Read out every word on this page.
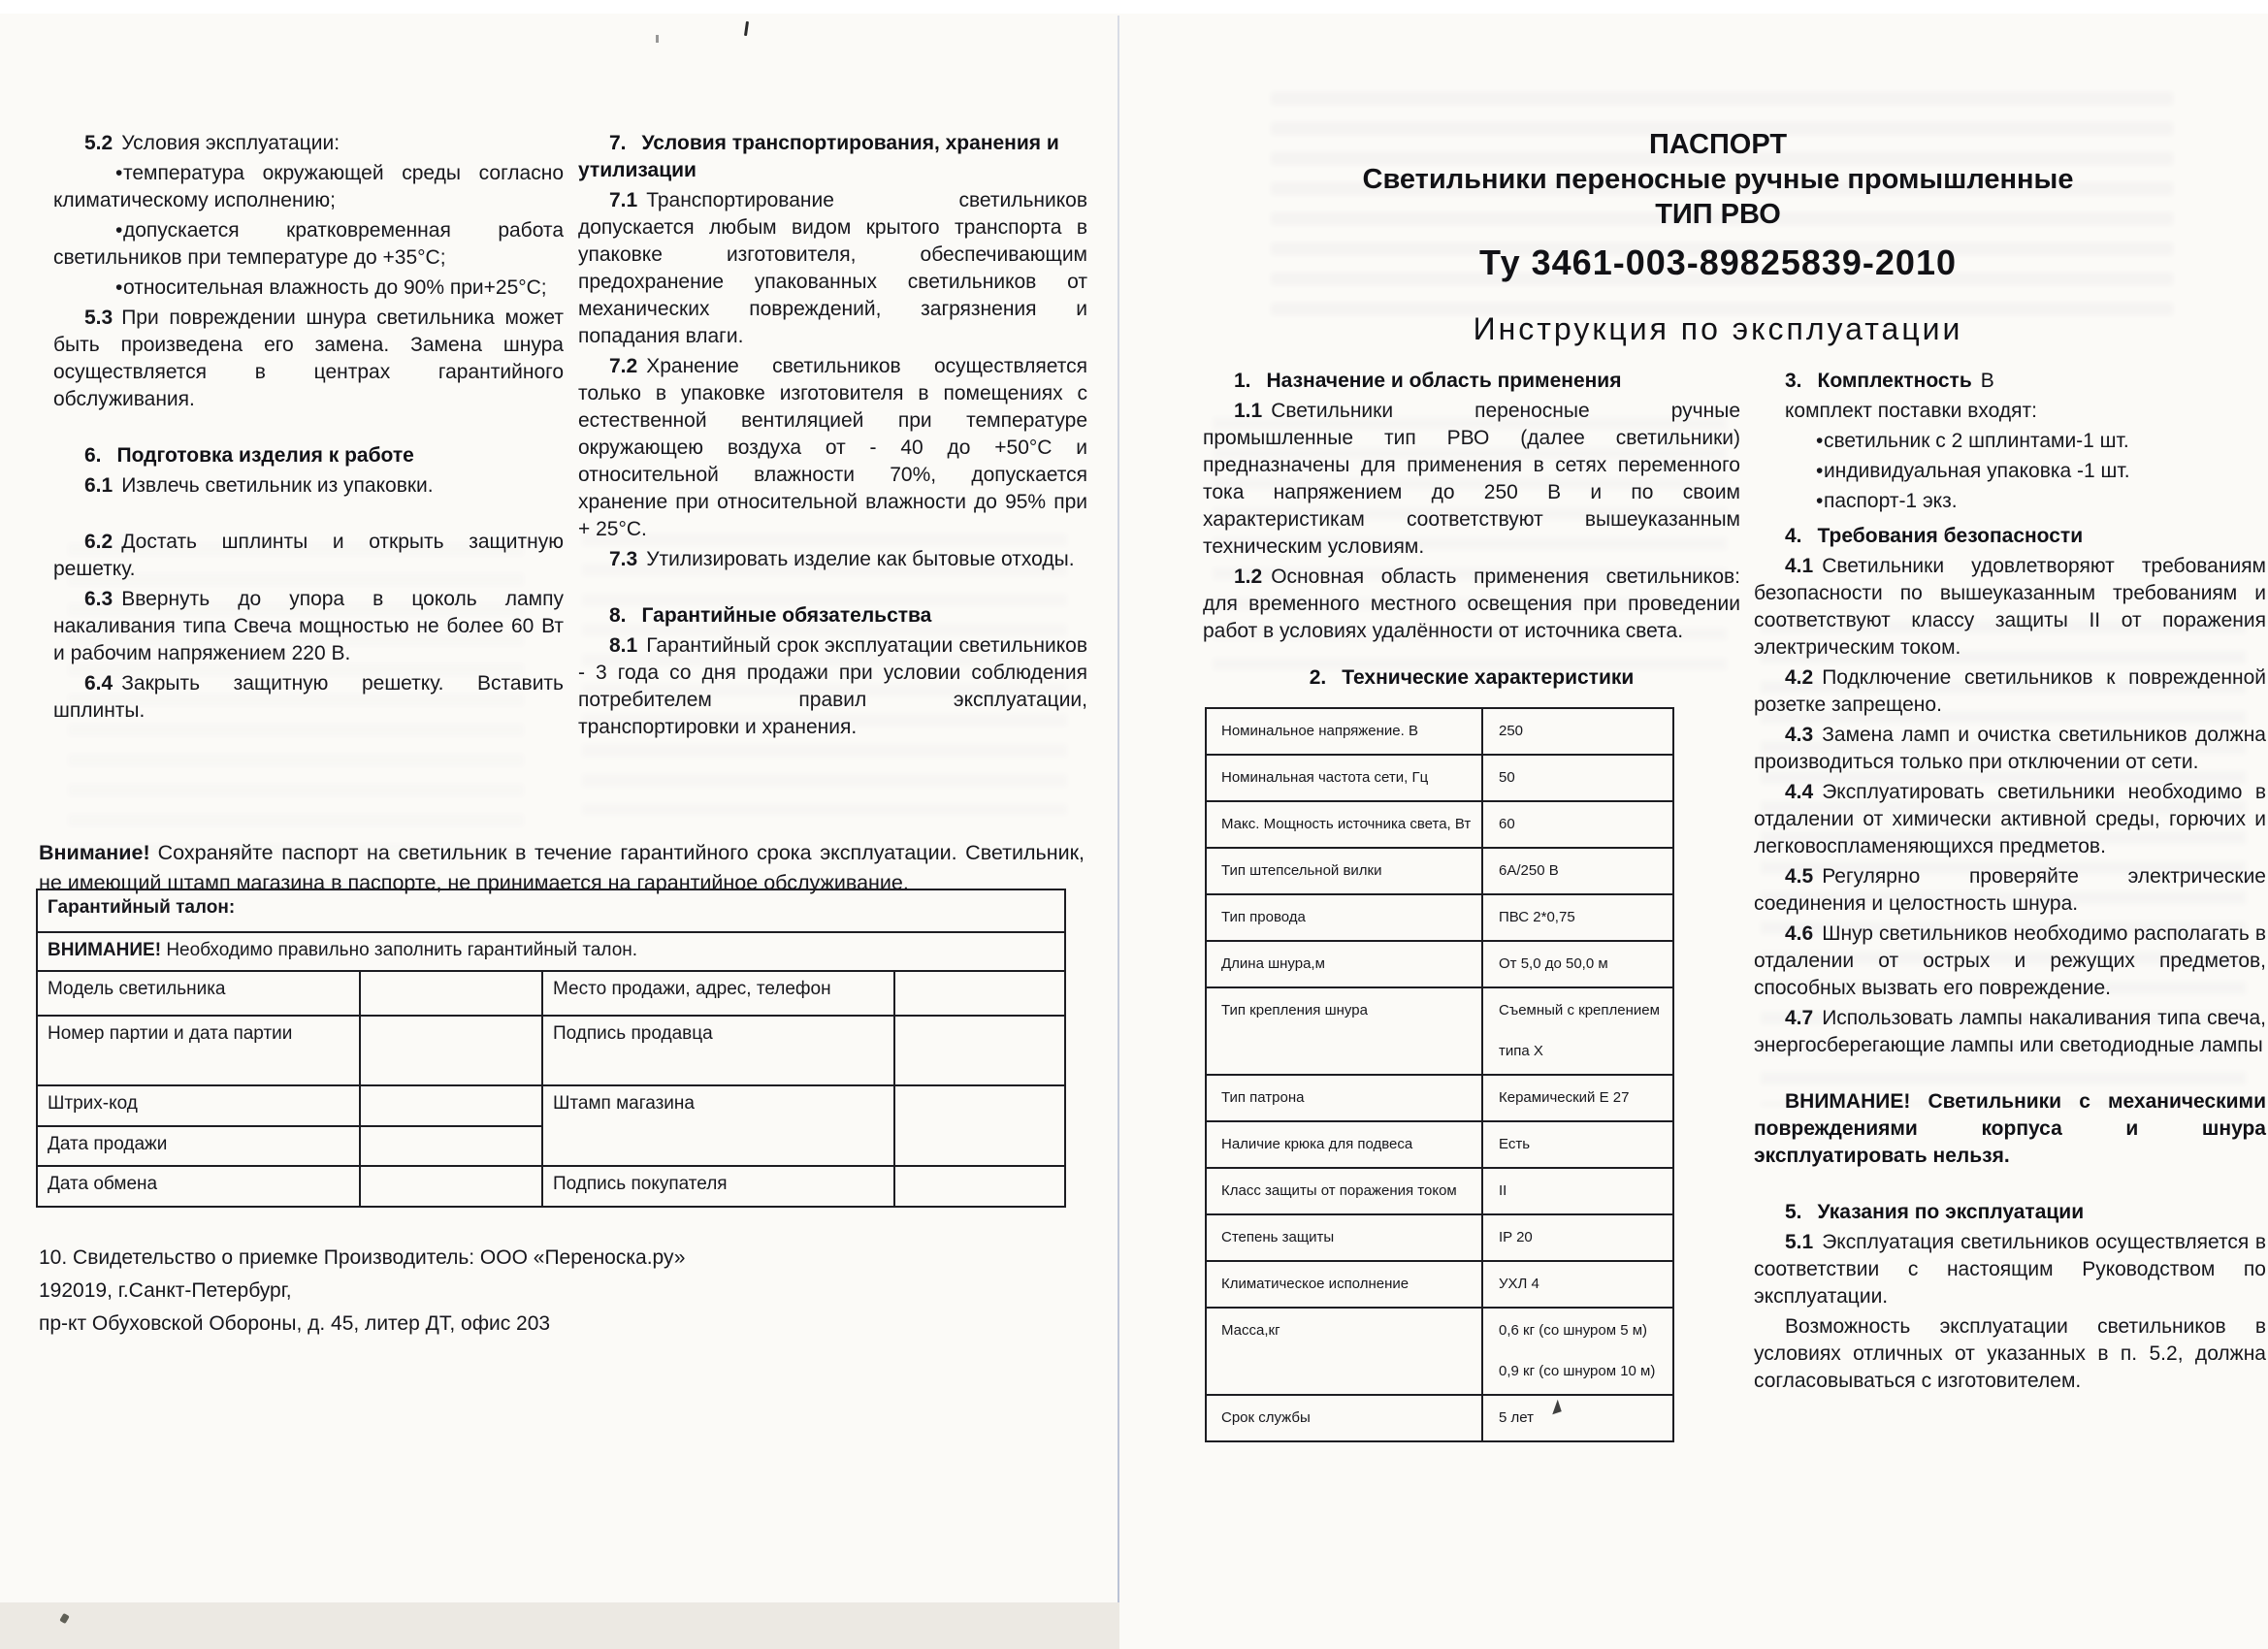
5.2 Условия эксплуатации:

•температура окружающей среды согласно климатическому исполнению;

•допускается кратковременная работа светильников при температуре до +35°С;

•относительная влажность до 90% при+25°С;

5.3 При повреждении шнура светильника может быть произведена его замена. Замена шнура осуществляется в центрах гарантийного обслуживания.

6. Подготовка изделия к работе

6.1 Извлечь светильник из упаковки.

6.2 Достать шплинты и открыть защитную решетку.

6.3 Ввернуть до упора в цоколь лампу накаливания типа Свеча мощностью не более 60 Вт и рабочим напряжением 220 В.

6.4 Закрыть защитную решетку. Вставить шплинты.

7. Условия транспортирования, хранения и утилизации

7.1 Транспортирование светильников допускается любым видом крытого транспорта в упаковке изготовителя, обеспечивающим предохранение упакованных светильников от механических повреждений, загрязнения и попадания влаги.

7.2 Хранение светильников осуществляется только в упаковке изготовителя в помещениях с естественной вентиляцией при температуре окружающею воздуха от - 40 до +50°С и относительной влажности 70%, допускается хранение при относительной влажности до 95% при + 25°С.

7.3 Утилизировать изделие как бытовые отходы.

8. Гарантийные обязательства

8.1 Гарантийный срок эксплуатации светильников - 3 года со дня продажи при условии соблюдения потребителем правил эксплуатации, транспортировки и хранения.

Внимание! Сохраняйте паспорт на светильник в течение гарантийного срока эксплуатации. Светильник, не имеющий штамп магазина в паспорте, не принимается на гарантийное обслуживание.

Гарантийный талон:			
ВНИМАНИЕ! Необходимо правильно заполнить гарантийный талон.			
Модель светильника		Место продажи, адрес, телефон	
Номер партии и дата партии		Подпись продавца	
Штрих-код		Штамп магазина	
Дата продажи			
Дата обмена		Подпись покупателя	
10. Свидетельство о приемке Производитель: ООО «Переноска.ру»
192019, г.Санкт-Петербург,
пр-кт Обуховской Обороны, д. 45, литер ДТ, офис 203
ПАСПОРТ
Светильники переносные ручные промышленные
ТИП РВО
Ту 3461-003-89825839-2010
Инструкция по эксплуатации

1. Назначение и область применения

1.1 Светильники переносные ручные промышленные тип РВО (далее светильники) предназначены для применения в сетях переменного тока напряжением до 250 В и по своим характеристикам соответствуют вышеуказанным техническим условиям.

1.2 Основная область применения светильников: для временного местного освещения при проведении работ в условиях удалённости от источника света.

2. Технические характеристики

Номинальное напряжение. В	250
Номинальная частота сети, Гц	50
Макс. Мощность источника света, Вт	60
Тип штепсельной вилки	6А/250 В
Тип провода	ПВС 2*0,75
Длина шнура,м	От 5,0 до 50,0 м
Тип крепления шнура	Съемный с креплением
типа Х

Тип патрона	Керамический Е 27
Наличие крюка для подвеса	Есть
Класс защиты от поражения током	II
Степень защиты	IP 20
Климатическое исполнение	УХЛ 4
Масса,кг	0,6 кг (со шнуром 5 м)
0,9 кг (со шнуром 10 м)

Срок службы	5 лет

3. Комплектность В

комплект поставки входят:

•светильник с 2 шплинтами-1 шт.

•индивидуальная упаковка -1 шт.

•паспорт-1 экз.

4. Требования безопасности

4.1 Светильники удовлетворяют требованиям безопасности по вышеуказанным требованиям и соответствуют классу защиты II от поражения электрическим током.

4.2 Подключение светильников к поврежденной розетке запрещено.

4.3 Замена ламп и очистка светильников должна производиться только при отключении от сети.

4.4 Эксплуатировать светильники необходимо в отдалении от химически активной среды, горючих и легковоспламеняющихся предметов.

4.5 Регулярно проверяйте электрические соединения и целостность шнура.

4.6 Шнур светильников необходимо располагать в отдалении от острых и режущих предметов, способных вызвать его повреждение.

4.7 Использовать лампы накаливания типа свеча, энергосберегающие лампы или светодиодные лампы

ВНИМАНИЕ! Светильники с механическими повреждениями корпуса и шнура эксплуатировать нельзя.

5. Указания по эксплуатации

5.1 Эксплуатация светильников осуществляется в соответствии с настоящим Руководством по эксплуатации.

Возможность эксплуатации светильников в условиях отличных от указанных в п. 5.2, должна согласовываться с изготовителем.
